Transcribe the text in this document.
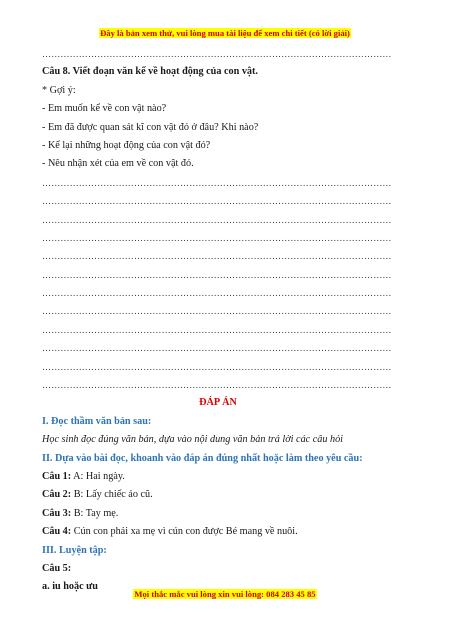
Đây là bản xem thử, vui lòng mua tài liệu để xem chi tiết (có lời giải)
……………………………………………………………………………………………………
Câu 8. Viết đoạn văn kể về hoạt động của con vật.
* Gợi ý:
- Em muốn kể về con vật nào?
- Em đã được quan sát kĩ con vật đó ở đâu? Khi nào?
- Kể lại những hoạt động của con vật đó?
- Nêu nhận xét của em về con vật đó.
……………………………………………………………………………………………………
……………………………………………………………………………………………………
……………………………………………………………………………………………………
……………………………………………………………………………………………………
……………………………………………………………………………………………………
……………………………………………………………………………………………………
……………………………………………………………………………………………………
……………………………………………………………………………………………………
……………………………………………………………………………………………………
……………………………………………………………………………………………………
……………………………………………………………………………………………………
……………………………………………………………………………………………………
ĐÁP ÁN
I. Đọc thầm văn bản sau:
Học sinh đọc đúng văn bản, dựa vào nội dung văn bản trả lời các câu hỏi
II. Dựa vào bài đọc, khoanh vào đáp án đúng nhất hoặc làm theo yêu cầu:
Câu 1: A: Hai ngày.
Câu 2: B: Lấy chiếc áo cũ.
Câu 3: B: Tay mẹ.
Câu 4: Cún con phải xa mẹ vì cún con được Bé mang về nuôi.
III. Luyện tập:
Câu 5:
a. iu hoặc ưu
Mọi thắc mắc vui lòng xin vui lòng: 084 283 45 85
